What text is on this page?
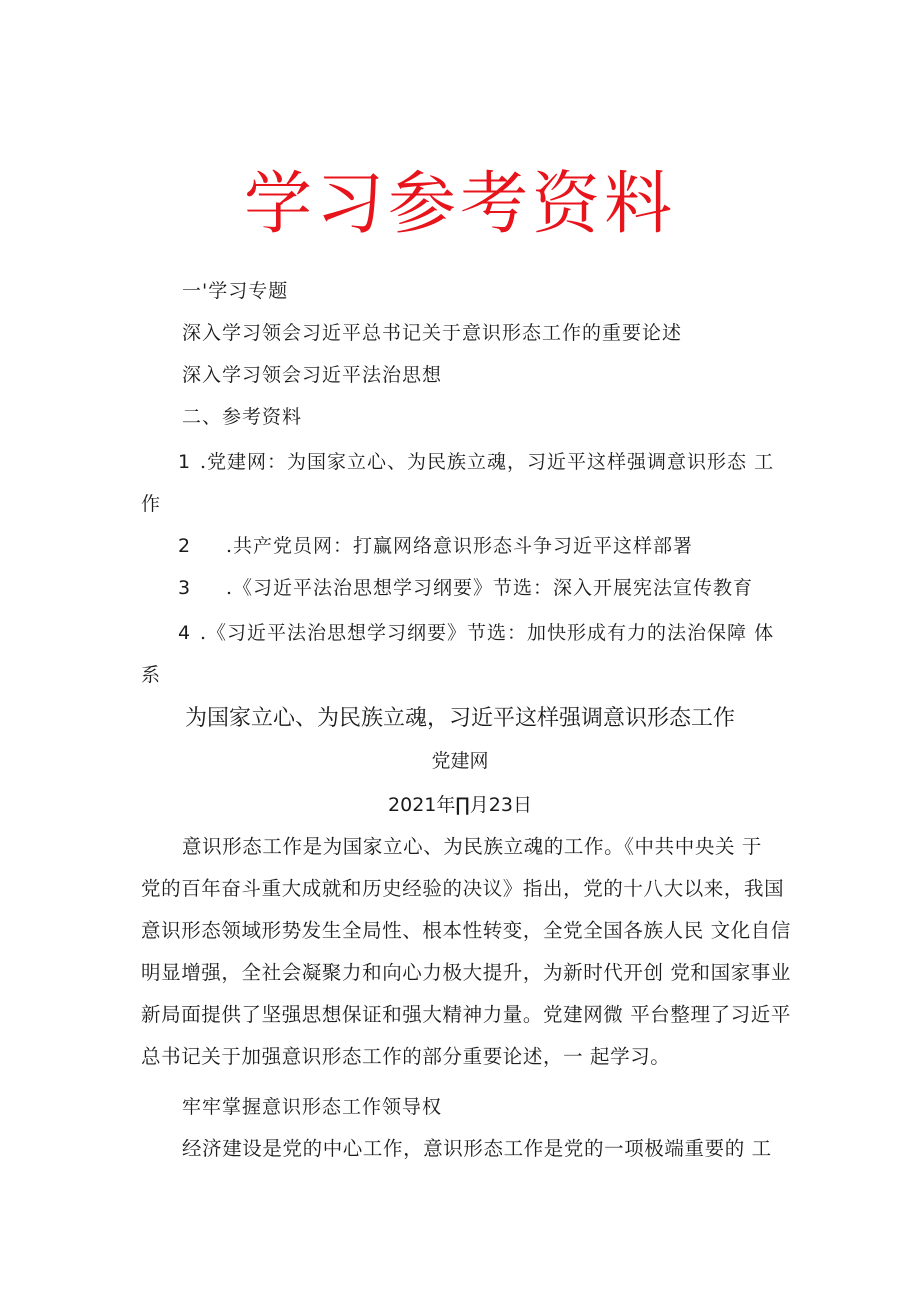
学习参考资料
一'学习专题
深入学习领会习近平总书记关于意识形态工作的重要论述
深入学习领会习近平法治思想
二、参考资料
1 .党建网：为国家立心、为民族立魂，习近平这样强调意识形态 工
作
2 .共产党员网：打赢网络意识形态斗争习近平这样部署
3 .《习近平法治思想学习纲要》节选：深入开展宪法宣传教育
4 .《习近平法治思想学习纲要》节选：加快形成有力的法治保障 体
系
为国家立心、为民族立魂，习近平这样强调意识形态工作
党建网
2021年∏月23日
意识形态工作是为国家立心、为民族立魂的工作。《中共中央关 于
党的百年奋斗重大成就和历史经验的决议》指出，党的十八大以来，我国
意识形态领域形势发生全局性、根本性转变，全党全国各族人民 文化自信
明显增强，全社会凝聚力和向心力极大提升，为新时代开创 党和国家事业
新局面提供了坚强思想保证和强大精神力量。党建网微 平台整理了习近平
总书记关于加强意识形态工作的部分重要论述，一 起学习。
牢牢掌握意识形态工作领导权
经济建设是党的中心工作，意识形态工作是党的一项极端重要的 工
